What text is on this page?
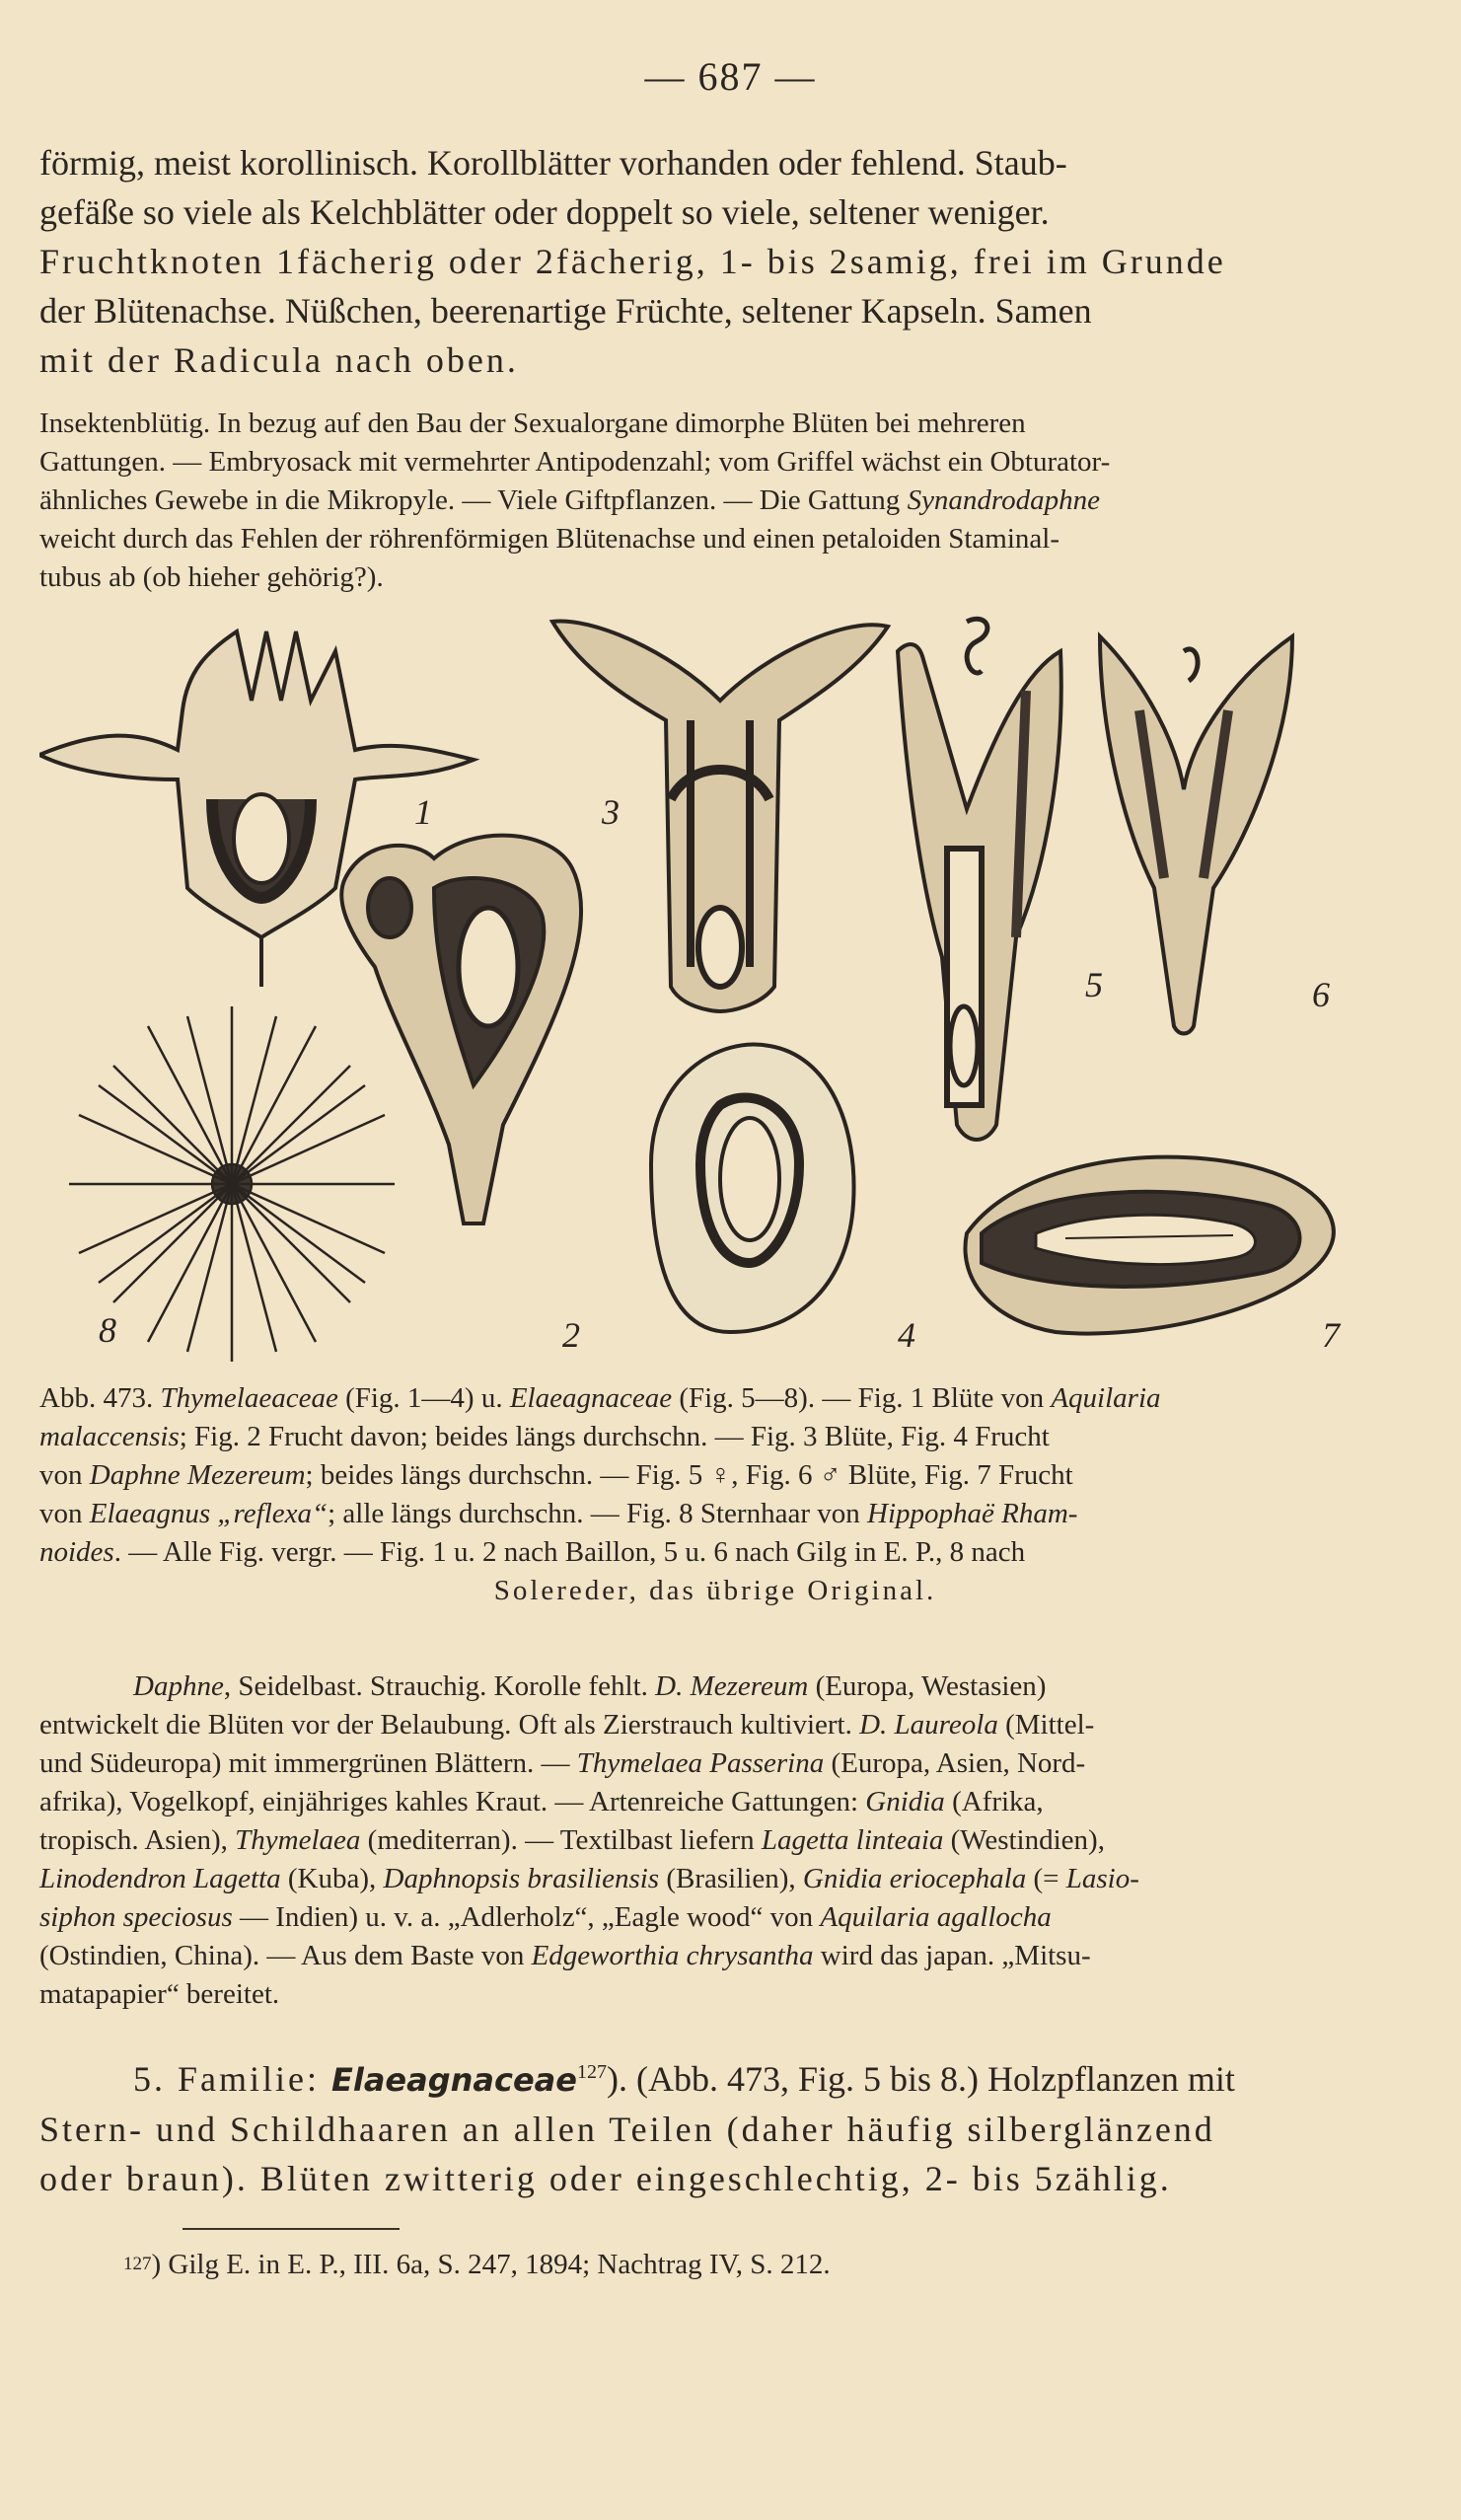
— 687 —
förmig, meist korollinisch. Korollblätter vorhanden oder fehlend. Staub-
gefäße so viele als Kelchblätter oder doppelt so viele, seltener weniger.
Fruchtknoten 1fächerig oder 2fächerig, 1- bis 2samig, frei im Grunde
der Blütenachse. Nüßchen, beerenartige Früchte, seltener Kapseln. Samen
mit der Radicula nach oben.
Insektenblütig. In bezug auf den Bau der Sexualorgane dimorphe Blüten bei mehreren
Gattungen. — Embryosack mit vermehrter Antipodenzahl; vom Griffel wächst ein Obturator-
ähnliches Gewebe in die Mikropyle. — Viele Giftpflanzen. — Die Gattung Synandrodaphne
weicht durch das Fehlen der röhrenförmigen Blütenachse und einen petaloiden Staminal-
tubus ab (ob hieher gehörig?).
1	3
5	6
8	2	4	7
Abb. 473. Thymelaeaceae (Fig. 1—4) u. Elaeagnaceae (Fig. 5—8). — Fig. 1 Blüte von Aquilaria
malaccensis; Fig. 2 Frucht davon; beides längs durchschn. — Fig. 3 Blüte, Fig. 4 Frucht
von Daphne Mezereum; beides längs durchschn. — Fig. 5 ♀, Fig. 6 ♂ Blüte, Fig. 7 Frucht
von Elaeagnus „reflexa“; alle längs durchschn. — Fig. 8 Sternhaar von Hippophaë Rham-
noides. — Alle Fig. vergr. — Fig. 1 u. 2 nach Baillon, 5 u. 6 nach Gilg in E. P., 8 nach
Solereder, das übrige Original.
Daphne, Seidelbast. Strauchig. Korolle fehlt. D. Mezereum (Europa, Westasien)
entwickelt die Blüten vor der Belaubung. Oft als Zierstrauch kultiviert. D. Laureola (Mittel-
und Südeuropa) mit immergrünen Blättern. — Thymelaea Passerina (Europa, Asien, Nord-
afrika), Vogelkopf, einjähriges kahles Kraut. — Artenreiche Gattungen: Gnidia (Afrika,
tropisch. Asien), Thymelaea (mediterran). — Textilbast liefern Lagetta linteaia (Westindien),
Linodendron Lagetta (Kuba), Daphnopsis brasiliensis (Brasilien), Gnidia eriocephala (= Lasio-
siphon speciosus — Indien) u. v. a. „Adlerholz“, „Eagle wood“ von Aquilaria agallocha
(Ostindien, China). — Aus dem Baste von Edgeworthia chrysantha wird das japan. „Mitsu-
matapapier“ bereitet.
5. Familie: Elaeagnaceae$^{127}$). (Abb. 473, Fig. 5 bis 8.) Holzpflanzen mit
Stern- und Schildhaaren an allen Teilen (daher häufig silberglänzend
oder braun). Blüten zwitterig oder eingeschlechtig, 2- bis 5zählig.
127) Gilg E. in E. P., III. 6a, S. 247, 1894; Nachtrag IV, S. 212.
